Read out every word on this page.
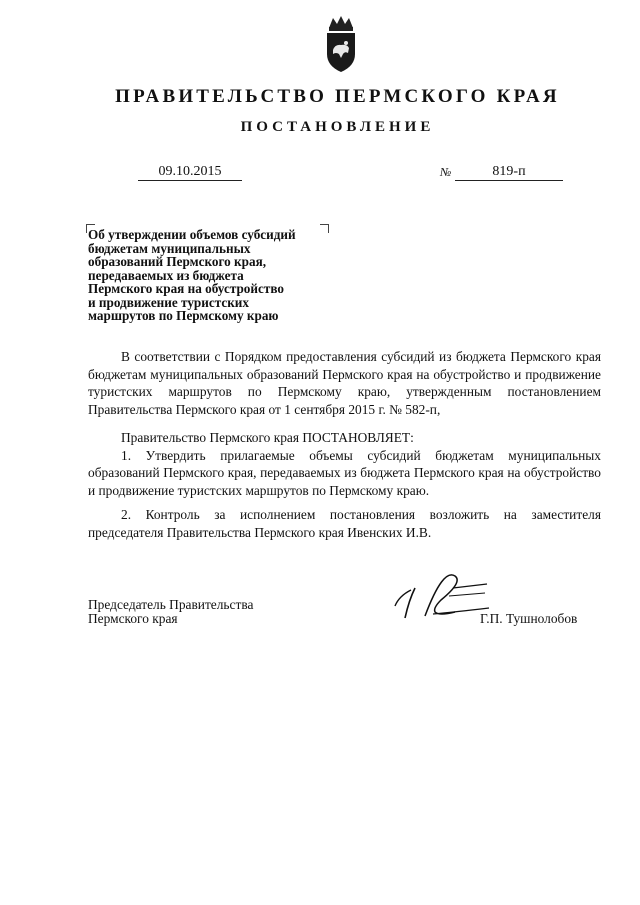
ПРАВИТЕЛЬСТВО ПЕРМСКОГО КРАЯ
ПОСТАНОВЛЕНИЕ
09.10.2015	№	819-п
Об утверждении объемов субсидий
бюджетам муниципальных
образований Пермского края,
передаваемых из бюджета
Пермского края на обустройство
и продвижение туристских
маршрутов по Пермскому краю

В соответствии с Порядком предоставления субсидий из бюджета Пермского края бюджетам муниципальных образований Пермского края на обустройство и продвижение туристских маршрутов по Пермскому краю, утвержденным постановлением Правительства Пермского края от 1 сентября 2015 г. № 582-п,

Правительство Пермского края ПОСТАНОВЛЯЕТ:

1. Утвердить прилагаемые объемы субсидий бюджетам муниципальных образований Пермского края, передаваемых из бюджета Пермского края на обустройство и продвижение туристских маршрутов по Пермскому краю.

2. Контроль за исполнением постановления возложить на заместителя председателя Правительства Пермского края Ивенских И.В.

Председатель Правительства
Пермского края	Г.П. Тушнолобов
